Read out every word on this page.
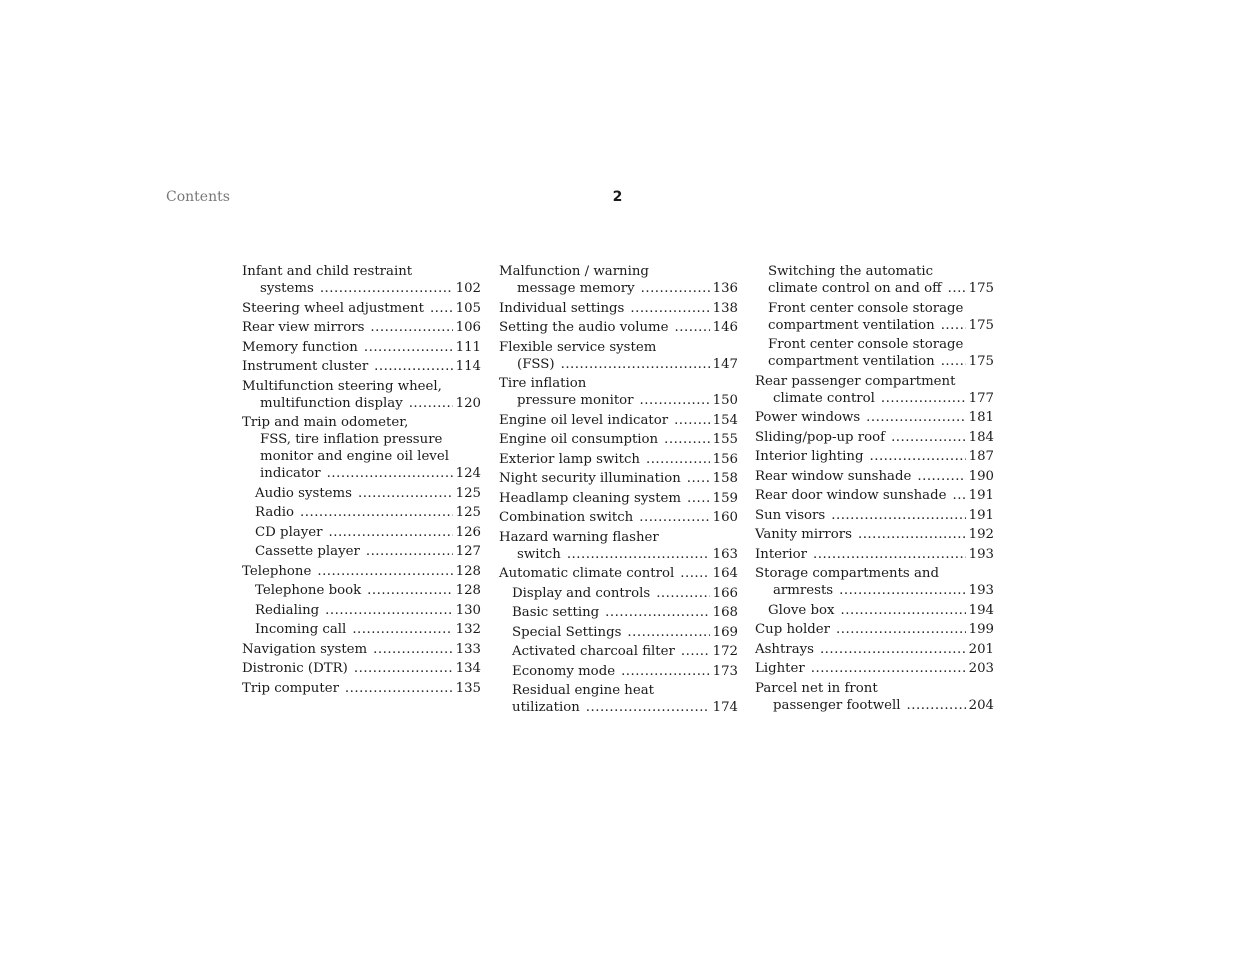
Contents	2
Infant and child restraint
systems .....	102
Steering wheel adjustment ..... 105
Rear view mirrors .....	106
Memory function .....	111
Instrument cluster .....	114
Multifunction steering wheel,
multifunction display .....	120
Trip and main odometer,
FSS, tire inflation pressure
monitor and engine oil level
indicator .....	124
Audio systems .....	125
Radio .....	125
CD player .....	126
Cassette player .....	127
Telephone .....	128
Telephone book .....	128
Redialing .....	130
Incoming call .....	132
Navigation system .....	133
Distronic (DTR) .....	134
Trip computer .....	135
Malfunction / warning
message memory .....	136
Individual settings .....	138
Setting the audio volume .....	146
Flexible service system
(FSS) .....	147
Tire inflation
pressure monitor .....	150
Engine oil level indicator .....	154
Engine oil consumption .....	155
Exterior lamp switch .....	156
Night security illumination ..... 158
Headlamp cleaning system ..... 159
Combination switch .....	160
Hazard warning flasher
switch .....	163
Automatic climate control .....	164
Display and controls .....	166
Basic setting .....	168
Special Settings .....	169
Activated charcoal filter .....	172
Economy mode .....	173
Residual engine heat
utilization .....	174
Switching the automatic
climate control on and off ..... 175
Front center console storage
compartment ventilation .....	175
Front center console storage
compartment ventilation .....	175
Rear passenger compartment
climate control .....	177
Power windows .....	181
Sliding/pop-up roof .....	184
Interior lighting .....	187
Rear window sunshade .....	190
Rear door window sunshade ..... 191
Sun visors .....	191
Vanity mirrors .....	192
Interior .....	193
Storage compartments and
armrests .....	193
Glove box .....	194
Cup holder .....	199
Ashtrays .....	201
Lighter .....	203
Parcel net in front
passenger footwell .....	204
